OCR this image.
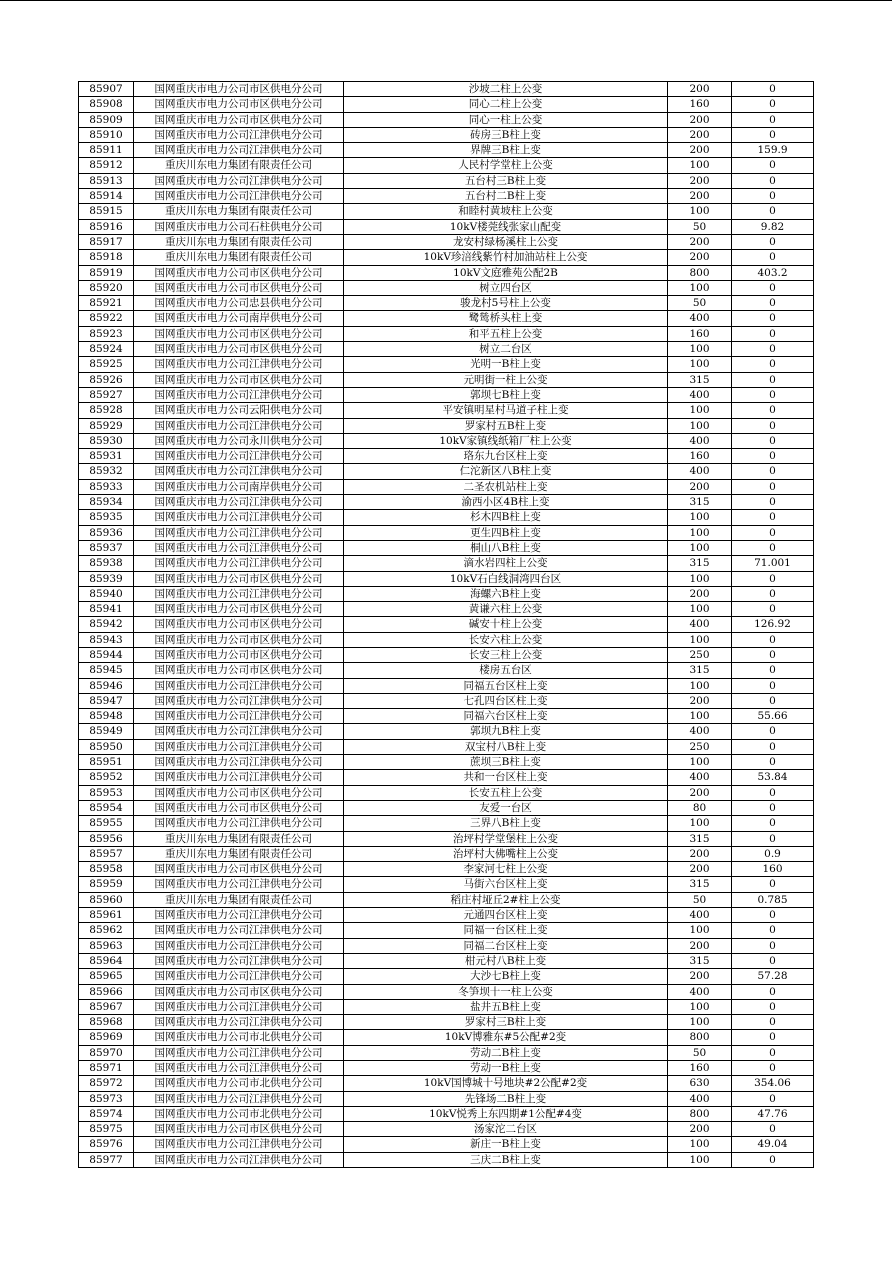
85907	国网重庆市电力公司市区供电分公司	沙坡二柱上公变	200	0
85908	国网重庆市电力公司市区供电分公司	同心二柱上公变	160	0
85909	国网重庆市电力公司市区供电分公司	同心一柱上公变	200	0
85910	国网重庆市电力公司江津供电分公司	砖房三B柱上变	200	0
85911	国网重庆市电力公司江津供电分公司	界牌三B柱上变	200	159.9
85912	重庆川东电力集团有限责任公司	人民村学堂柱上公变	100	0
85913	国网重庆市电力公司江津供电分公司	五台村三B柱上变	200	0
85914	国网重庆市电力公司江津供电分公司	五台村二B柱上变	200	0
85915	重庆川东电力集团有限责任公司	和睦村黄坡柱上公变	100	0
85916	国网重庆市电力公司石柱供电分公司	10kV楼莞线张家山配变	50	9.82
85917	重庆川东电力集团有限责任公司	龙安村绿杨溪柱上公变	200	0
85918	重庆川东电力集团有限责任公司	10kV珍涪线紫竹村加油站柱上公变	200	0
85919	国网重庆市电力公司市区供电分公司	10kV文庭雅苑公配2B	800	403.2
85920	国网重庆市电力公司市区供电分公司	树立四台区	100	0
85921	国网重庆市电力公司忠县供电分公司	骏龙村5号柱上公变	50	0
85922	国网重庆市电力公司南岸供电分公司	鹭鸶桥头柱上变	400	0
85923	国网重庆市电力公司市区供电分公司	和平五柱上公变	160	0
85924	国网重庆市电力公司市区供电分公司	树立二台区	100	0
85925	国网重庆市电力公司江津供电分公司	光明一B柱上变	100	0
85926	国网重庆市电力公司市区供电分公司	元明街一柱上公变	315	0
85927	国网重庆市电力公司江津供电分公司	郭坝七B柱上变	400	0
85928	国网重庆市电力公司云阳供电分公司	平安镇明星村马道子柱上变	100	0
85929	国网重庆市电力公司江津供电分公司	罗家村五B柱上变	100	0
85930	国网重庆市电力公司永川供电分公司	10kV家镇线纸箱厂柱上公变	400	0
85931	国网重庆市电力公司江津供电分公司	珞东九台区柱上变	160	0
85932	国网重庆市电力公司江津供电分公司	仁沱新区八B柱上变	400	0
85933	国网重庆市电力公司南岸供电分公司	二圣农机站柱上变	200	0
85934	国网重庆市电力公司江津供电分公司	渝西小区4B柱上变	315	0
85935	国网重庆市电力公司江津供电分公司	杉木四B柱上变	100	0
85936	国网重庆市电力公司江津供电分公司	更生四B柱上变	100	0
85937	国网重庆市电力公司江津供电分公司	桐山八B柱上变	100	0
85938	国网重庆市电力公司江津供电分公司	滴水岩四柱上公变	315	71.001
85939	国网重庆市电力公司市区供电分公司	10kV石白线洞湾四台区	100	0
85940	国网重庆市电力公司江津供电分公司	海螺六B柱上变	200	0
85941	国网重庆市电力公司市区供电分公司	黄谦六柱上公变	100	0
85942	国网重庆市电力公司市区供电分公司	碱安十柱上公变	400	126.92
85943	国网重庆市电力公司市区供电分公司	长安六柱上公变	100	0
85944	国网重庆市电力公司市区供电分公司	长安三柱上公变	250	0
85945	国网重庆市电力公司市区供电分公司	楼房五台区	315	0
85946	国网重庆市电力公司江津供电分公司	同福五台区柱上变	100	0
85947	国网重庆市电力公司江津供电分公司	七孔四台区柱上变	200	0
85948	国网重庆市电力公司江津供电分公司	同福六台区柱上变	100	55.66
85949	国网重庆市电力公司江津供电分公司	郭坝九B柱上变	400	0
85950	国网重庆市电力公司江津供电分公司	双宝村八B柱上变	250	0
85951	国网重庆市电力公司江津供电分公司	蔗坝三B柱上变	100	0
85952	国网重庆市电力公司江津供电分公司	共和一台区柱上变	400	53.84
85953	国网重庆市电力公司市区供电分公司	长安五柱上公变	200	0
85954	国网重庆市电力公司市区供电分公司	友爱一台区	80	0
85955	国网重庆市电力公司江津供电分公司	三界八B柱上变	100	0
85956	重庆川东电力集团有限责任公司	治坪村学堂堡柱上公变	315	0
85957	重庆川东电力集团有限责任公司	治坪村大佛嘴柱上公变	200	0.9
85958	国网重庆市电力公司市区供电分公司	李家河七柱上公变	200	160
85959	国网重庆市电力公司江津供电分公司	马街六台区柱上变	315	0
85960	重庆川东电力集团有限责任公司	稻庄村垭丘2#柱上公变	50	0.785
85961	国网重庆市电力公司江津供电分公司	元通四台区柱上变	400	0
85962	国网重庆市电力公司江津供电分公司	同福一台区柱上变	100	0
85963	国网重庆市电力公司江津供电分公司	同福二台区柱上变	200	0
85964	国网重庆市电力公司江津供电分公司	柑元村八B柱上变	315	0
85965	国网重庆市电力公司江津供电分公司	大沙七B柱上变	200	57.28
85966	国网重庆市电力公司市区供电分公司	冬笋坝十一柱上公变	400	0
85967	国网重庆市电力公司江津供电分公司	盐井五B柱上变	100	0
85968	国网重庆市电力公司江津供电分公司	罗家村三B柱上变	100	0
85969	国网重庆市电力公司市北供电分公司	10kV博雅东#5公配#2变	800	0
85970	国网重庆市电力公司江津供电分公司	劳动二B柱上变	50	0
85971	国网重庆市电力公司江津供电分公司	劳动一B柱上变	160	0
85972	国网重庆市电力公司市北供电分公司	10kV国博城十号地块#2公配#2变	630	354.06
85973	国网重庆市电力公司江津供电分公司	先锋场二B柱上变	400	0
85974	国网重庆市电力公司市北供电分公司	10kV悦秀上东四期#1公配#4变	800	47.76
85975	国网重庆市电力公司市区供电分公司	汤家沱二台区	200	0
85976	国网重庆市电力公司江津供电分公司	新庄一B柱上变	100	49.04
85977	国网重庆市电力公司江津供电分公司	三庆二B柱上变	100	0
